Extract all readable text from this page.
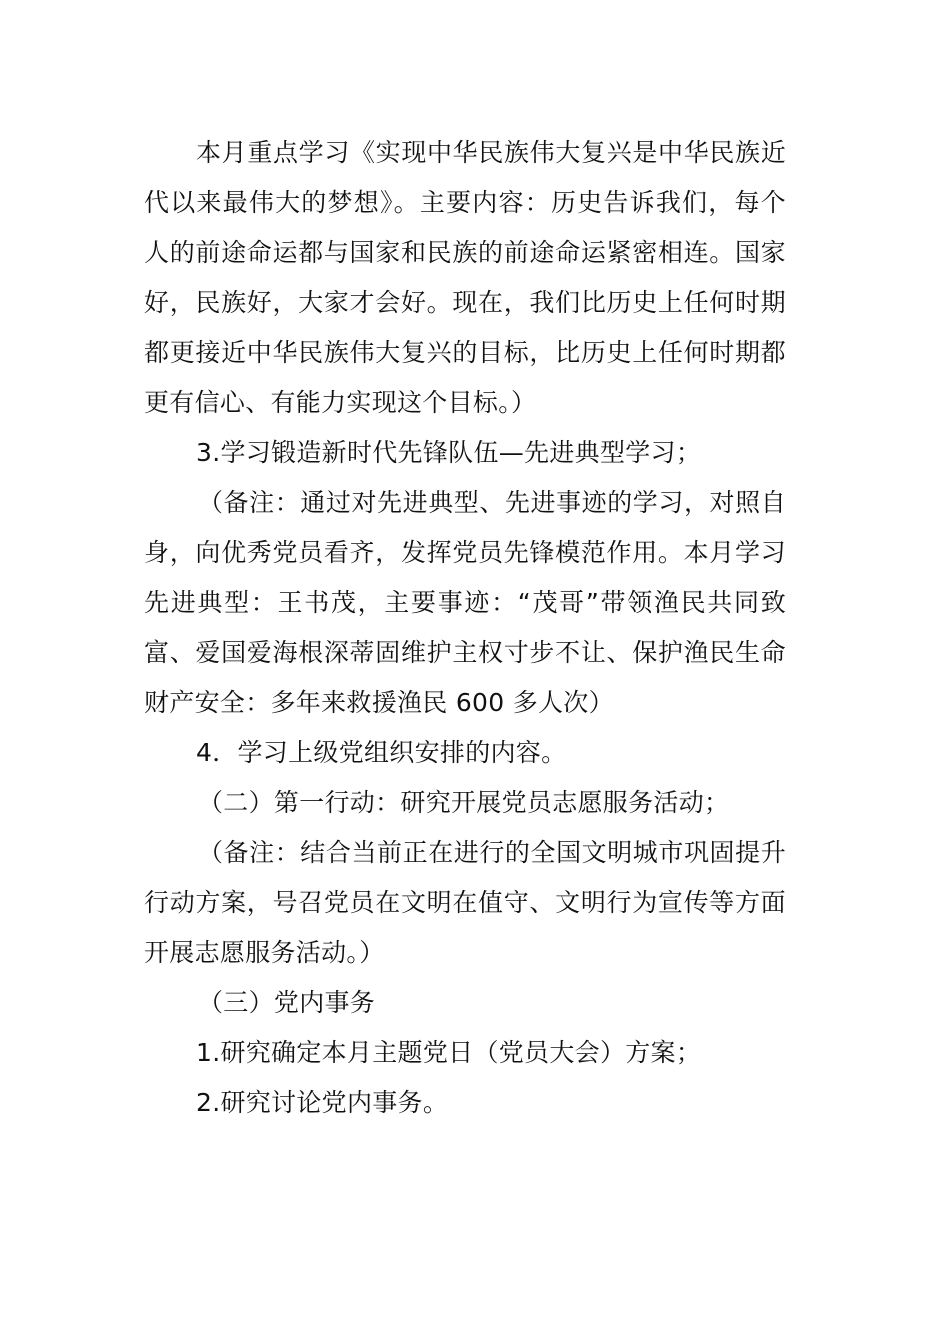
本月重点学习《实现中华民族伟大复兴是中华民族近代以来最伟大的梦想》。主要内容：历史告诉我们，每个人的前途命运都与国家和民族的前途命运紧密相连。国家好，民族好，大家才会好。现在，我们比历史上任何时期都更接近中华民族伟大复兴的目标，比历史上任何时期都更有信心、有能力实现这个目标。）

3.学习锻造新时代先锋队伍—先进典型学习；

（备注：通过对先进典型、先进事迹的学习，对照自身，向优秀党员看齐，发挥党员先锋模范作用。本月学习先进典型：王书茂，主要事迹：“茂哥”带领渔民共同致富、爱国爱海根深蒂固维护主权寸步不让、保护渔民生命财产安全：多年来救援渔民 600 多人次）

4．学习上级党组织安排的内容。

（二）第一行动：研究开展党员志愿服务活动；

（备注：结合当前正在进行的全国文明城市巩固提升行动方案，号召党员在文明在值守、文明行为宣传等方面开展志愿服务活动。）

（三）党内事务

1.研究确定本月主题党日（党员大会）方案；

2.研究讨论党内事务。
